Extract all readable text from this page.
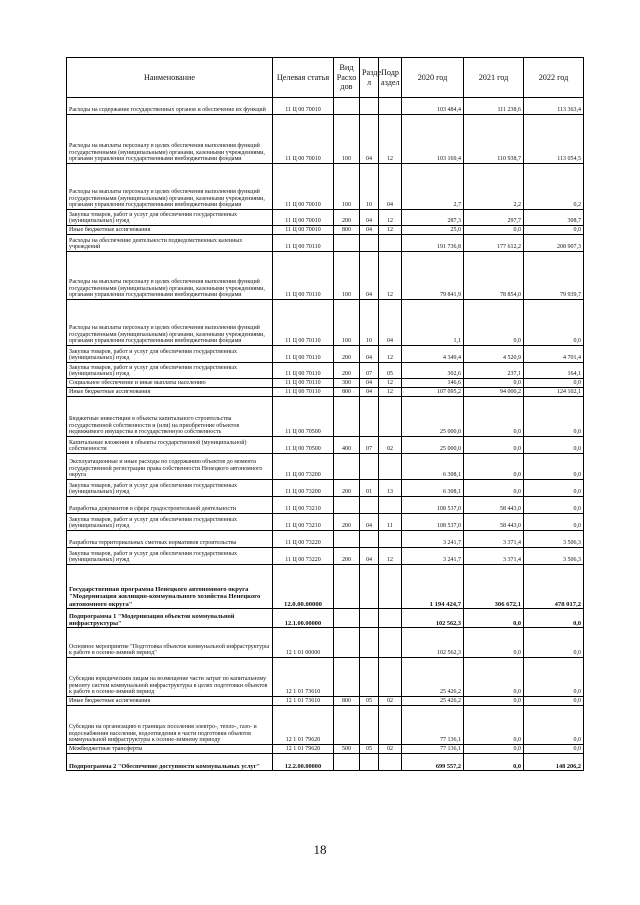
Наименование	Целевая статья	Вид Расхо дов	Разде л	Подр аздел	2020 год	2021 год	2022 год
Расходы на содержание государственных органов и обеспечение их функций	11 Ц 00 70010				103 484,4	111 238,6	113 363,4
Расходы на выплаты персоналу в целях обеспечения выполнения функций государственными (муниципальными) органами, казенными учреждениями, органами управления государственными внебюджетными фондами	11 Ц 00 70010	100	04	12	103 169,4	110 938,7	113 054,5
Расходы на выплаты персоналу в целях обеспечения выполнения функций государственными (муниципальными) органами, казенными учреждениями, органами управления государственными внебюджетными фондами	11 Ц 00 70010	100	10	04	2,7	2,2	0,2
Закупка товаров, работ и услуг для обеспечения государственных (муниципальных) нужд	11 Ц 00 70010	200	04	12	287,3	297,7	308,7
Иные бюджетные ассигнования	11 Ц 00 70010	800	04	12	25,0	0,0	0,0
Расходы на обеспечение деятельности подведомственных казенных учреждений	11 Ц 00 70110				191 736,8	177 612,2	208 907,3
Расходы на выплаты персоналу в целях обеспечения выполнения функций государственными (муниципальными) органами, казенными учреждениями, органами управления государственными внебюджетными фондами	11 Ц 00 70110	100	04	12	79 841,9	78 854,0	79 939,7
Расходы на выплаты персоналу в целях обеспечения выполнения функций государственными (муниципальными) органами, казенными учреждениями, органами управления государственными внебюджетными фондами	11 Ц 00 70110	100	10	04	1,1	0,0	0,0
Закупка товаров, работ и услуг для обеспечения государственных (муниципальных) нужд	11 Ц 00 70110	200	04	12	4 349,4	4 520,9	4 701,4
Закупка товаров, работ и услуг для обеспечения государственных (муниципальных) нужд	11 Ц 00 70110	200	07	05	302,6	237,1	164,1
Социальное обеспечение и иные выплаты населению	11 Ц 00 70110	300	04	12	146,6	0,0	0,0
Иные бюджетные ассигнования	11 Ц 00 70110	800	04	12	107 095,2	94 000,2	124 102,1
Бюджетные инвестиции в объекты капитального строительства государственной собственности и (или) на приобретение объектов недвижимого имущества в государственную собственность	11 Ц 00 70500				25 000,0	0,0	0,0
Капитальные вложения в объекты государственной (муниципальной) собственности	11 Ц 00 70500	400	07	02	25 000,0	0,0	0,0
Эксплуатационные и иные расходы по содержанию объектов до момента государственной регистрации права собственности Ненецкого автономного округа	11 Ц 00 73200				6 308,1	0,0	0,0
Закупка товаров, работ и услуг для обеспечения государственных (муниципальных) нужд	11 Ц 00 73200	200	01	13	6 308,1	0,0	0,0
Разработка документов в сфере градостроительной деятельности	11 Ц 00 73210				108 537,0	58 443,0	0,0
Закупка товаров, работ и услуг для обеспечения государственных (муниципальных) нужд	11 Ц 00 73210	200	04	11	108 537,0	58 443,0	0,0
Разработка территориальных сметных нормативов строительства	11 Ц 00 73220				3 241,7	3 371,4	3 506,3
Закупка товаров, работ и услуг для обеспечения государственных (муниципальных) нужд	11 Ц 00 73220	200	04	12	3 241,7	3 371,4	3 506,3
Государственная программа Ненецкого автономного округа "Модернизация жилищно-коммунального хозяйства Ненецкого автономного округа"	12.0.00.00000				1 194 424,7	306 672,1	478 017,2
Подпрограмма 1 "Модернизация объектов коммунальной инфраструктуры"	12.1.00.00000				102 562,3	0,0	0,0
Основное мероприятие "Подготовка объектов коммунальной инфраструктуры к работе в осенне-зимний период"	12 1 01 00000				102 562,3	0,0	0,0
Субсидии юридическим лицам на возмещение части затрат по капитальному ремонту систем коммунальной инфраструктуры в целях подготовки объектов к работе в осенне-зимний период	12 1 01 73610				25 426,2	0,0	0,0
Иные бюджетные ассигнования	12 1 01 73610	800	05	02	25 426,2	0,0	0,0
Субсидии на организацию в границах поселения электро-, тепло-, газо- и водоснабжения населения, водоотведения в части подготовки объектов коммунальной инфраструктуры к осенне-зимнему периоду	12 1 01 79620				77 136,1	0,0	0,0
Межбюджетные трансферты	12 1 01 79620	500	05	02	77 136,1	0,0	0,0
Подпрограмма 2 "Обеспечение доступности коммунальных услуг"	12.2.00.00000				699 557,2	0,0	148 206,2
18
